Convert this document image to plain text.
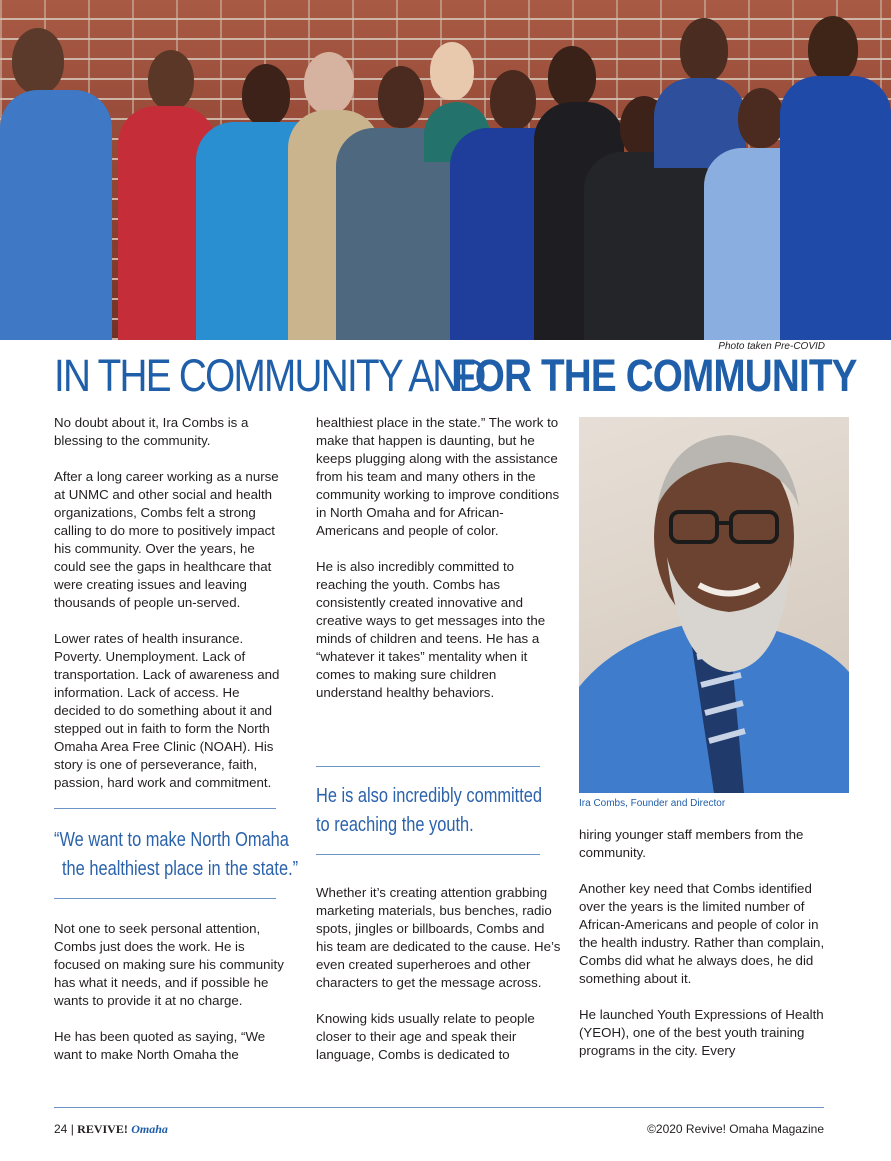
Photo taken Pre-COVID
IN THE COMMUNITY AND
FOR THE COMMUNITY

No doubt about it, Ira Combs is a blessing to the community.

After a long career working as a nurse at UNMC and other social and health organizations, Combs felt a strong calling to do more to positively impact his community. Over the years, he could see the gaps in healthcare that were creating issues and leaving thousands of people un-served.

Lower rates of health insurance. Poverty. Unemployment. Lack of transportation. Lack of awareness and information. Lack of access. He decided to do something about it and stepped out in faith to form the North Omaha Area Free Clinic (NOAH). His story is one of perseverance, faith, passion, hard work and commitment.

“We want to make North Omaha
the healthiest place in the state.”

Not one to seek personal attention, Combs just does the work. He is focused on making sure his community has what it needs, and if possible he wants to provide it at no charge.

He has been quoted as saying, “We want to make North Omaha the

healthiest place in the state.” The work to make that happen is daunting, but he keeps plugging along with the assistance from his team and many others in the community working to improve conditions in North Omaha and for African-Americans and people of color.

He is also incredibly committed to reaching the youth. Combs has consistently created innovative and creative ways to get messages into the minds of children and teens. He has a “whatever it takes” mentality when it comes to making sure children understand healthy behaviors.

He is also incredibly committed
to reaching the youth.

Whether it’s creating attention grabbing marketing materials, bus benches, radio spots, jingles or billboards, Combs and his team are dedicated to the cause. He’s even created superheroes and other characters to get the message across.

Knowing kids usually relate to people closer to their age and speak their language, Combs is dedicated to

Ira Combs, Founder and Director

hiring younger staff members from the community.

Another key need that Combs identified over the years is the limited number of African-Americans and people of color in the health industry. Rather than complain, Combs did what he always does, he did something about it.

He launched Youth Expressions of Health (YEOH), one of the best youth training programs in the city. Every

24 | REVIVE! Omaha	©2020 Revive! Omaha Magazine
